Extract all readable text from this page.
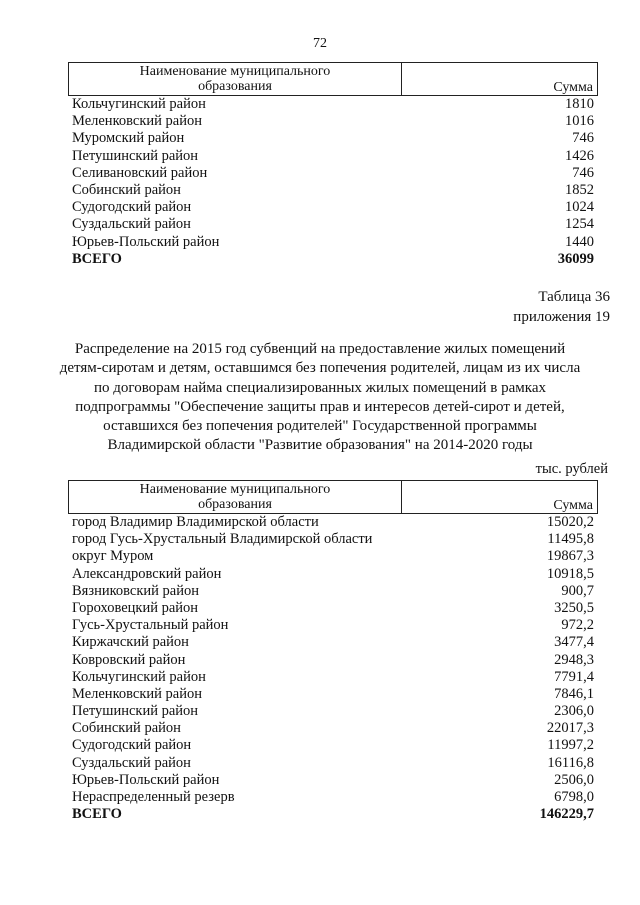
72
Наименование муниципального
образования	Сумма
Кольчугинский район	1810
Меленковский район	1016
Муромский район	746
Петушинский район	1426
Селивановский район	746
Собинский район	1852
Судогодский район	1024
Суздальский район	1254
Юрьев-Польский район	1440
ВСЕГО	36099
Таблица 36
приложения 19
Распределение на 2015 год субвенций на предоставление жилых помещений
детям-сиротам и детям, оставшимся без попечения родителей, лицам из их числа
по договорам найма специализированных жилых помещений в рамках
подпрограммы "Обеспечение защиты прав и интересов детей-сирот и детей,
оставшихся без попечения родителей" Государственной программы
Владимирской области "Развитие образования" на 2014-2020 годы
тыс. рублей
Наименование муниципального
образования	Сумма
город Владимир Владимирской области	15020,2
город Гусь-Хрустальный Владимирской области	11495,8
округ Муром	19867,3
Александровский район	10918,5
Вязниковский район	900,7
Гороховецкий район	3250,5
Гусь-Хрустальный район	972,2
Киржачский район	3477,4
Ковровский район	2948,3
Кольчугинский район	7791,4
Меленковский район	7846,1
Петушинский район	2306,0
Собинский район	22017,3
Судогодский район	11997,2
Суздальский район	16116,8
Юрьев-Польский район	2506,0
Нераспределенный резерв	6798,0
ВСЕГО	146229,7
